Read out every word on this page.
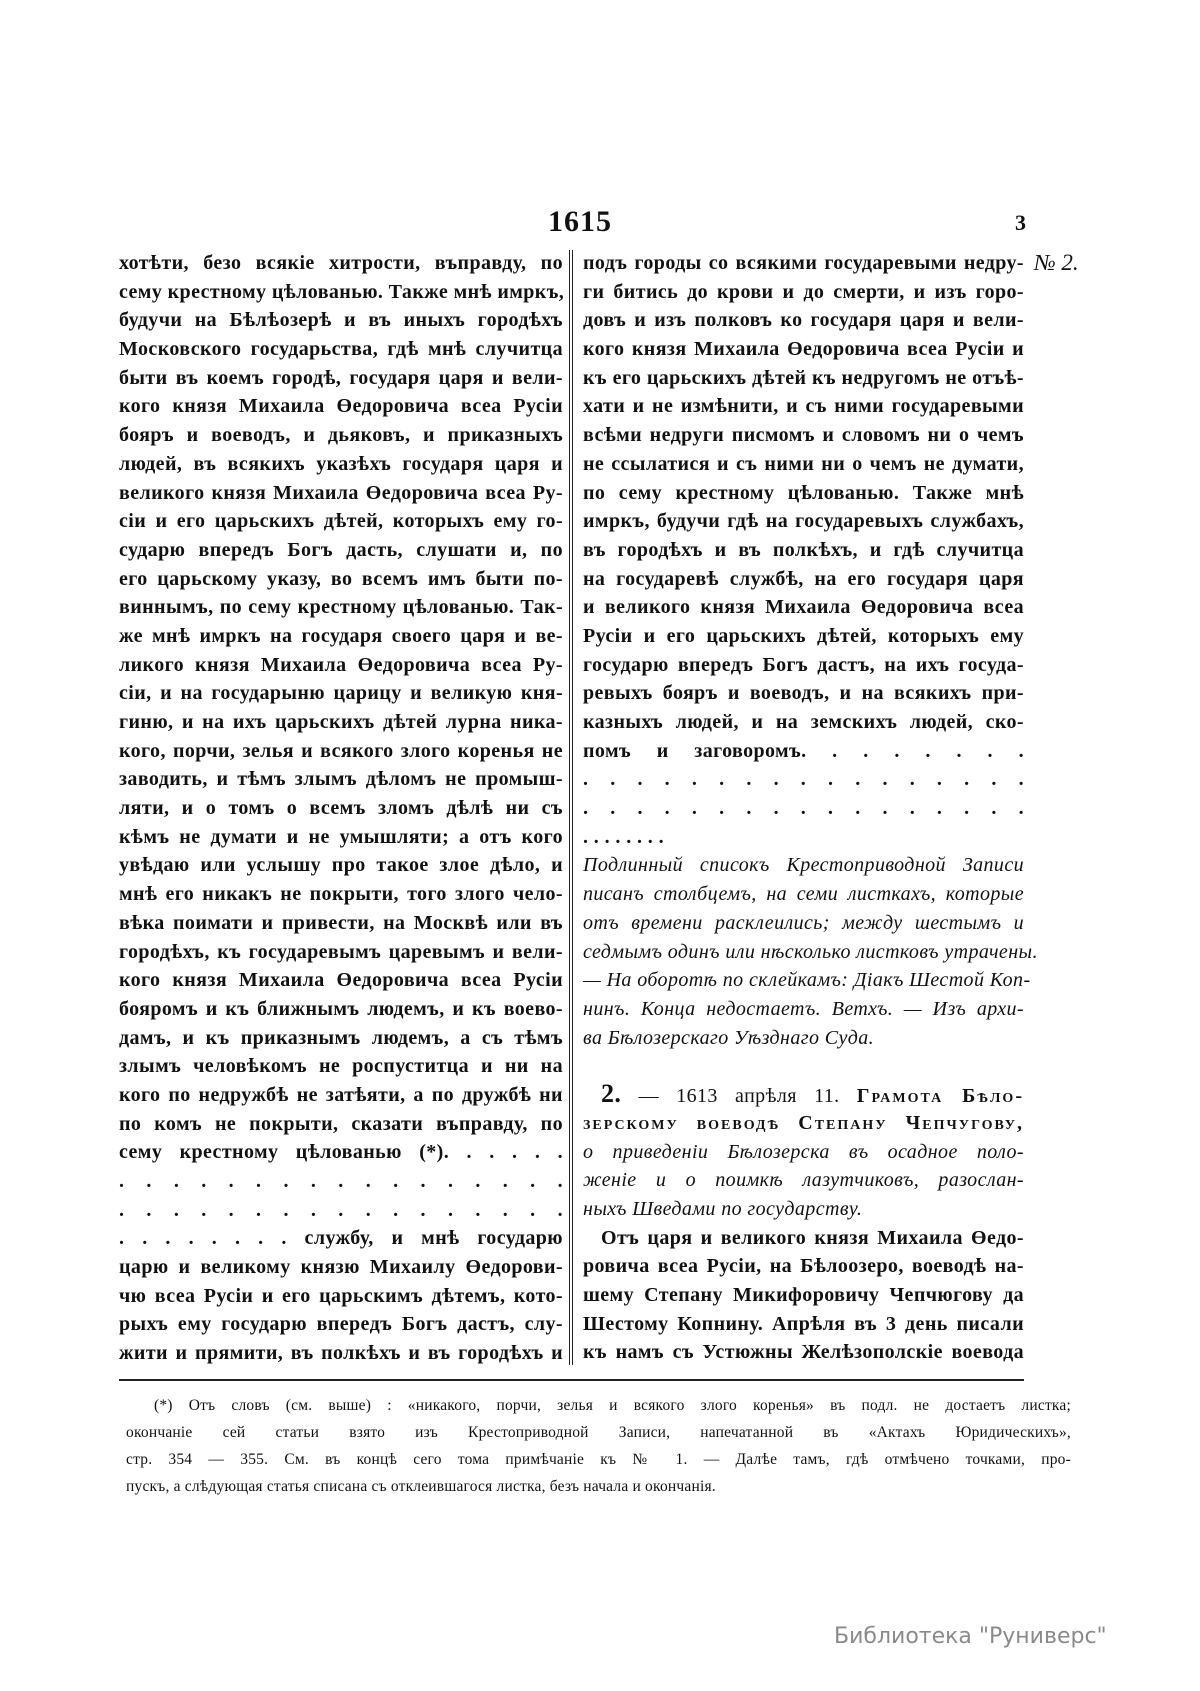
1615	3
№ 2.
хотѣти, безо всякіе хитрости, въправду, по
сему крестному цѣлованью. Также мнѣ имркъ,
будучи на Бѣлѣозерѣ и въ иныхъ городѣхъ
Московского государьства, гдѣ мнѣ случитца
быти въ коемъ городѣ, государя царя и вели-
кого князя Михаила Өедоровича всеа Русіи
бояръ и воеводъ, и дьяковъ, и приказныхъ
людей, въ всякихъ указѣхъ государя царя и
великого князя Михаила Өедоровича всеа Ру-
сіи и его царьскихъ дѣтей, которыхъ ему го-
сударю впередъ Богъ дасть, слушати и, по
его царьскому указу, во всемъ имъ быти по-
виннымъ, по сему крестному цѣлованью. Так-
же мнѣ имркъ на государя своего царя и ве-
ликого князя Михаила Өедоровича всеа Ру-
сіи, и на государыню царицу и великую кня-
гиню, и на ихъ царьскихъ дѣтей лурна ника-
кого, порчи, зелья и всякого злого коренья не
заводить, и тѣмъ злымъ дѣломъ не промыш-
ляти, и о томъ о всемъ зломъ дѣлѣ ни съ
кѣмъ не думати и не умышляти; а отъ кого
увѣдаю или услышу про такое злое дѣло, и
мнѣ его никакъ не покрыти, того злого чело-
вѣка поимати и привести, на Москвѣ или въ
городѣхъ, къ государевымъ царевымъ и вели-
кого князя Михаила Өедоровича всеа Русіи
бояромъ и къ ближнымъ людемъ, и къ воево-
дамъ, и къ приказнымъ людемъ, а съ тѣмъ
злымъ человѣкомъ не роспуститца и ни на
кого по недружбѣ не затѣяти, а по дружбѣ ни
по комъ не покрыти, сказати въправду, по
сему крестному цѣлованью (*). . . . . .
. . . . . . . . . . . . . . . . .
. . . . . . . . . . . . . . . . .
. . . . . . . . службу, и мнѣ государю
царю и великому князю Михаилу Өедорови-
чю всеа Русіи и его царьскимъ дѣтемъ, кото-
рыхъ ему государю впередъ Богъ дастъ, слу-
жити и прямити, въ полкѣхъ и въ городѣхъ и
подъ городы со всякими государевыми недру-
ги битись до крови и до смерти, и изъ горо-
довъ и изъ полковъ ко государя царя и вели-
кого князя Михаила Өедоровича всеа Русіи и
къ его царьскихъ дѣтей къ недругомъ не отъѣ-
хати и не измѣнити, и съ ними государевыми
всѣми недруги писмомъ и словомъ ни о чемъ
не ссылатися и съ ними ни о чемъ не думати,
по сему крестному цѣлованью. Также мнѣ
имркъ, будучи гдѣ на государевыхъ службахъ,
въ городѣхъ и въ полкѣхъ, и гдѣ случитца
на государевѣ службѣ, на его государя царя
и великого князя Михаила Өедоровича всеа
Русіи и его царьскихъ дѣтей, которыхъ ему
государю впередъ Богъ дастъ, на ихъ госуда-
ревыхъ бояръ и воеводъ, и на всякихъ при-
казныхъ людей, и на земскихъ людей, ско-
помъ и заговоромъ. . . . . . . .
. . . . . . . . . . . . . . . . .
. . . . . . . . . . . . . . . . .
. . . . . . . .
Подлинный списокъ Крестоприводной Записи
писанъ столбцемъ, на семи листкахъ, которые
отъ времени расклеились; между шестымъ и
седмымъ одинъ или нѣсколько листковъ утрачены.
— На оборотѣ по склейкамъ: Діакъ Шестой Коп-
нинъ. Конца недостаетъ. Ветхъ. — Изъ архи-
ва Бѣлозерскаго Уѣзднаго Суда.
2. — 1613 апрѣля 11. Грамота Бѣло-
зерскому воеводѣ Степану Чепчугову,
о приведеніи Бѣлозерска въ осадное поло-
женіе и о поимкѣ лазутчиковъ, разослан-
ныхъ Шведами по государству.
Отъ царя и великого князя Михаила Өедо-
ровича всеа Русіи, на Бѣлоозеро, воеводѣ на-
шему Степану Микифоровичу Чепчюгову да
Шестому Копнину. Апрѣля въ 3 день писали
къ намъ съ Устюжны Желѣзополскіе воевода
(*) Отъ словъ (см. выше) : «никакого, порчи, зелья и всякого злого коренья» въ подл. не достаетъ листка;
окончаніе сей статьи взято изъ Крестоприводной Записи, напечатанной въ «Актахъ Юридическихъ»,
стр. 354 — 355. См. въ концѣ сего тома примѣчаніе къ № 1. — Далѣе тамъ, гдѣ отмѣчено точками, про-
пускъ, а слѣдующая статья списана съ отклеившагося листка, безъ начала и окончанія.
Библиотека "Руниверс"
